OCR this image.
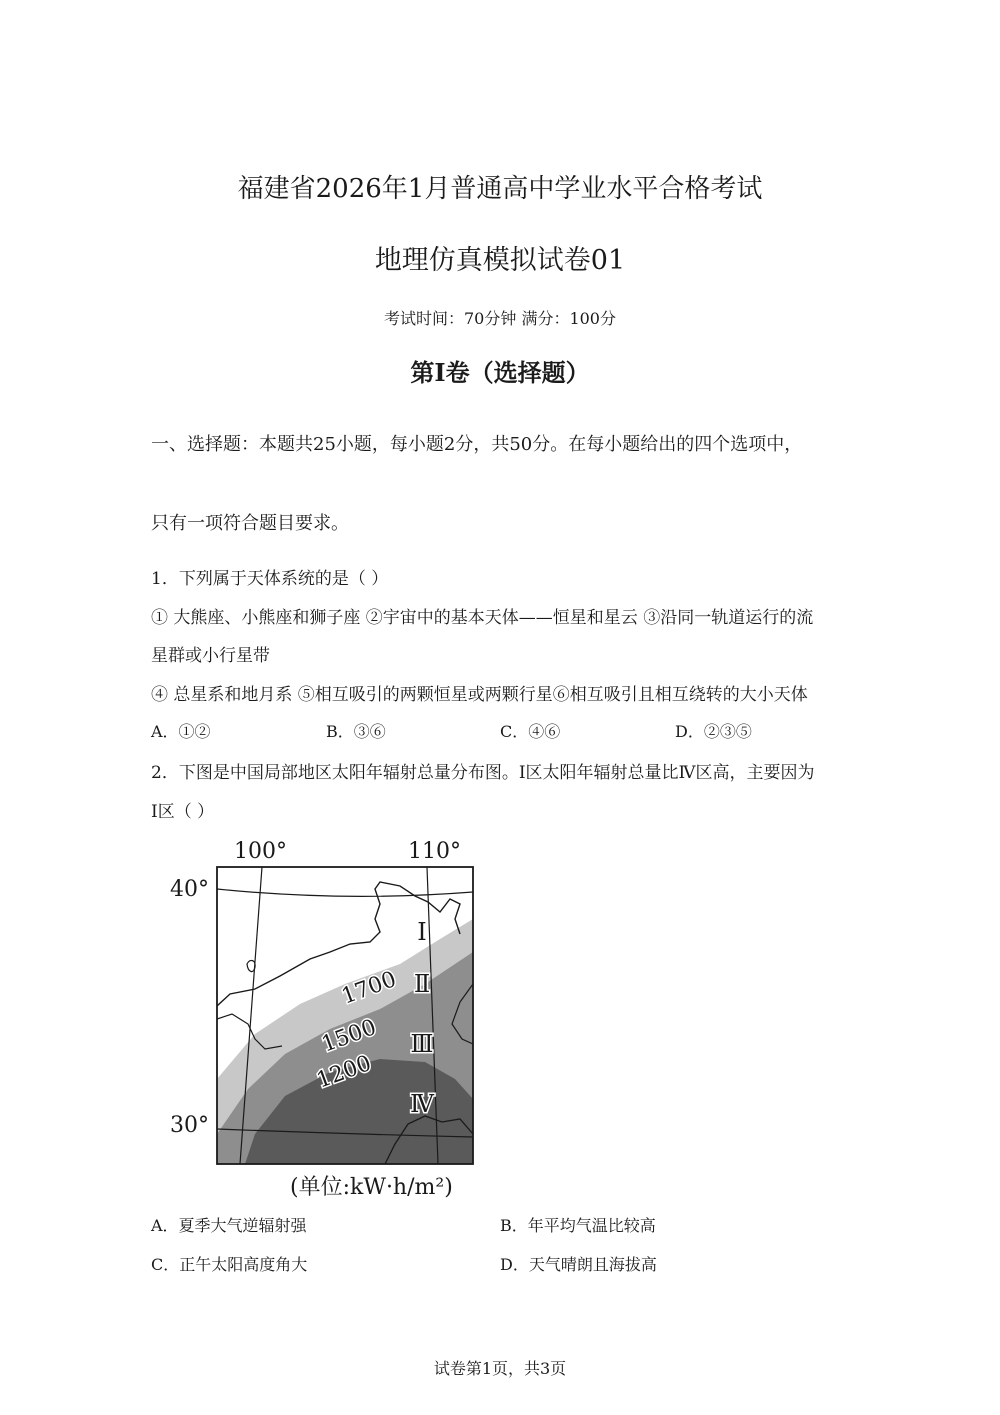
福建省2026年1月普通高中学业水平合格考试
地理仿真模拟试卷01
考试时间：70分钟 满分：100分
第Ⅰ卷（选择题）
一、选择题：本题共25小题，每小题2分，共50分。在每小题给出的四个选项中，
只有一项符合题目要求。
1．下列属于天体系统的是（ ）
① 大熊座、小熊座和狮子座 ②宇宙中的基本天体——恒星和星云 ③沿同一轨道运行的流
星群或小行星带
④ 总星系和地月系 ⑤相互吸引的两颗恒星或两颗行星⑥相互吸引且相互绕转的大小天体
A．①②	B．③⑥	C．④⑥	D．②③⑤
2．下图是中国局部地区太阳年辐射总量分布图。Ⅰ区太阳年辐射总量比Ⅳ区高，主要因为
Ⅰ区（ ）
100°	110°
40°
30°
1700
1500
1200
Ⅰ
Ⅱ
Ⅲ
Ⅳ
(单位:kW·h/m²)
A．夏季大气逆辐射强	B．年平均气温比较高
C．正午太阳高度角大	D．天气晴朗且海拔高
试卷第1页，共3页
